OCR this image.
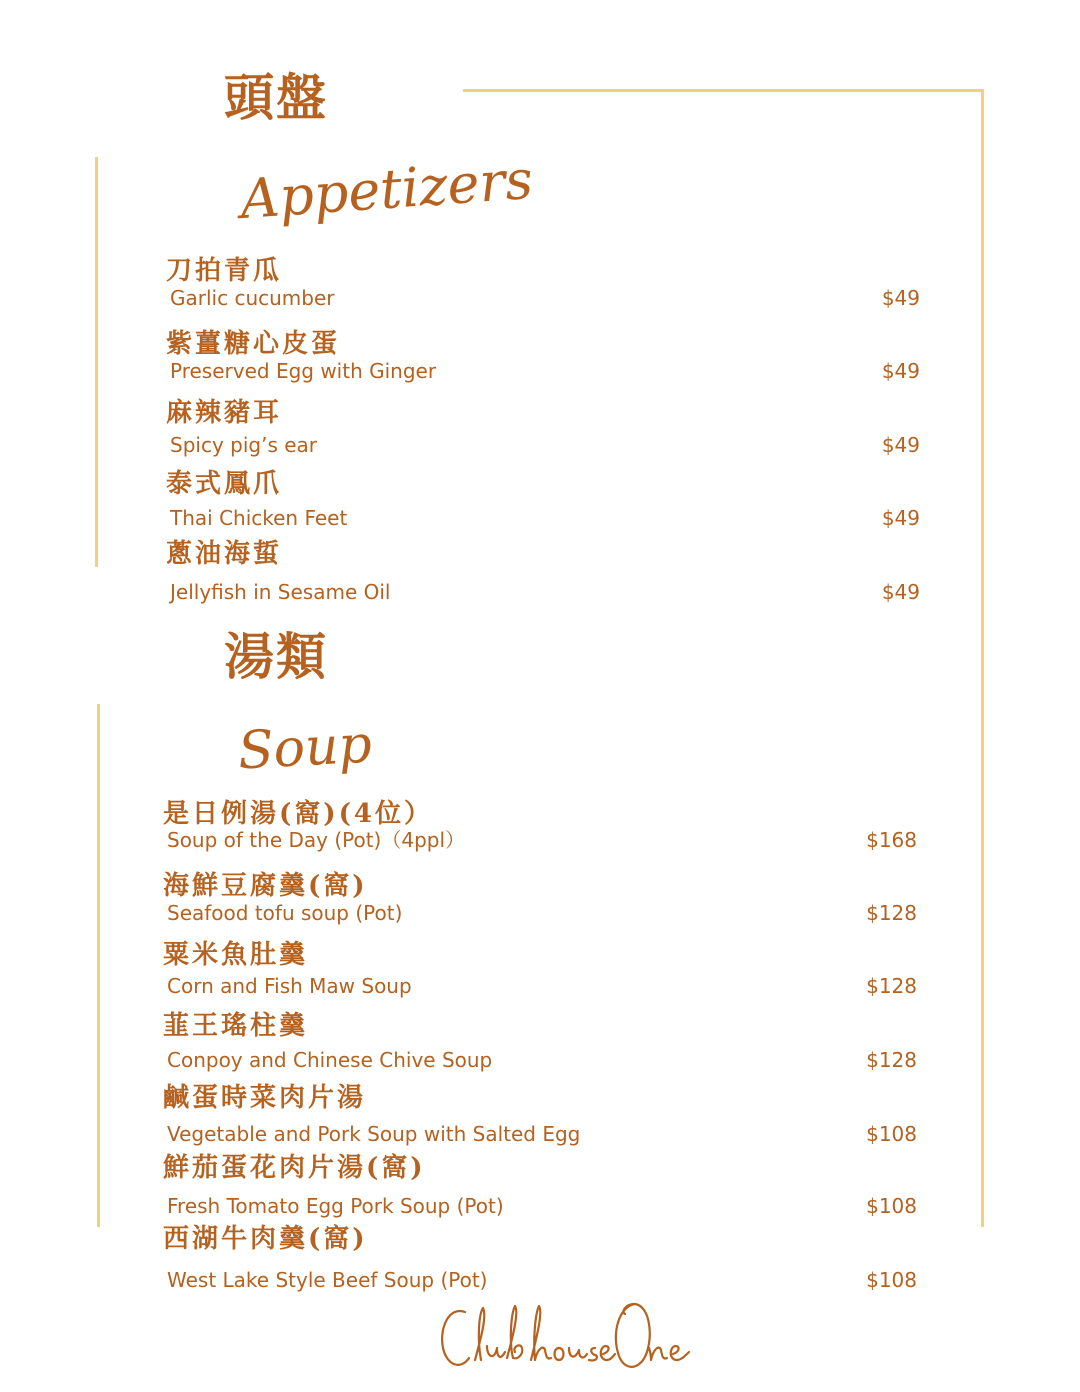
頭盤
Appetizers
刀拍青瓜
Garlic cucumber	$49
紫薑糖心皮蛋
Preserved Egg with Ginger	$49
麻辣豬耳
Spicy pig’s ear	$49
泰式鳳爪
Thai Chicken Feet	$49
蔥油海蜇
Jellyfish in Sesame Oil	$49
湯類
Soup
是日例湯(窩)(4位）
Soup of the Day (Pot)（4ppl）	$168
海鮮豆腐羹(窩)
Seafood tofu soup (Pot)	$128
粟米魚肚羹
Corn and Fish Maw Soup	$128
韮王瑤柱羹
Conpoy and Chinese Chive Soup	$128
鹹蛋時菜肉片湯
Vegetable and Pork Soup with Salted Egg	$108
鮮茄蛋花肉片湯(窩)
Fresh Tomato Egg Pork Soup (Pot)	$108
西湖牛肉羹(窩)
West Lake Style Beef Soup (Pot)	$108
